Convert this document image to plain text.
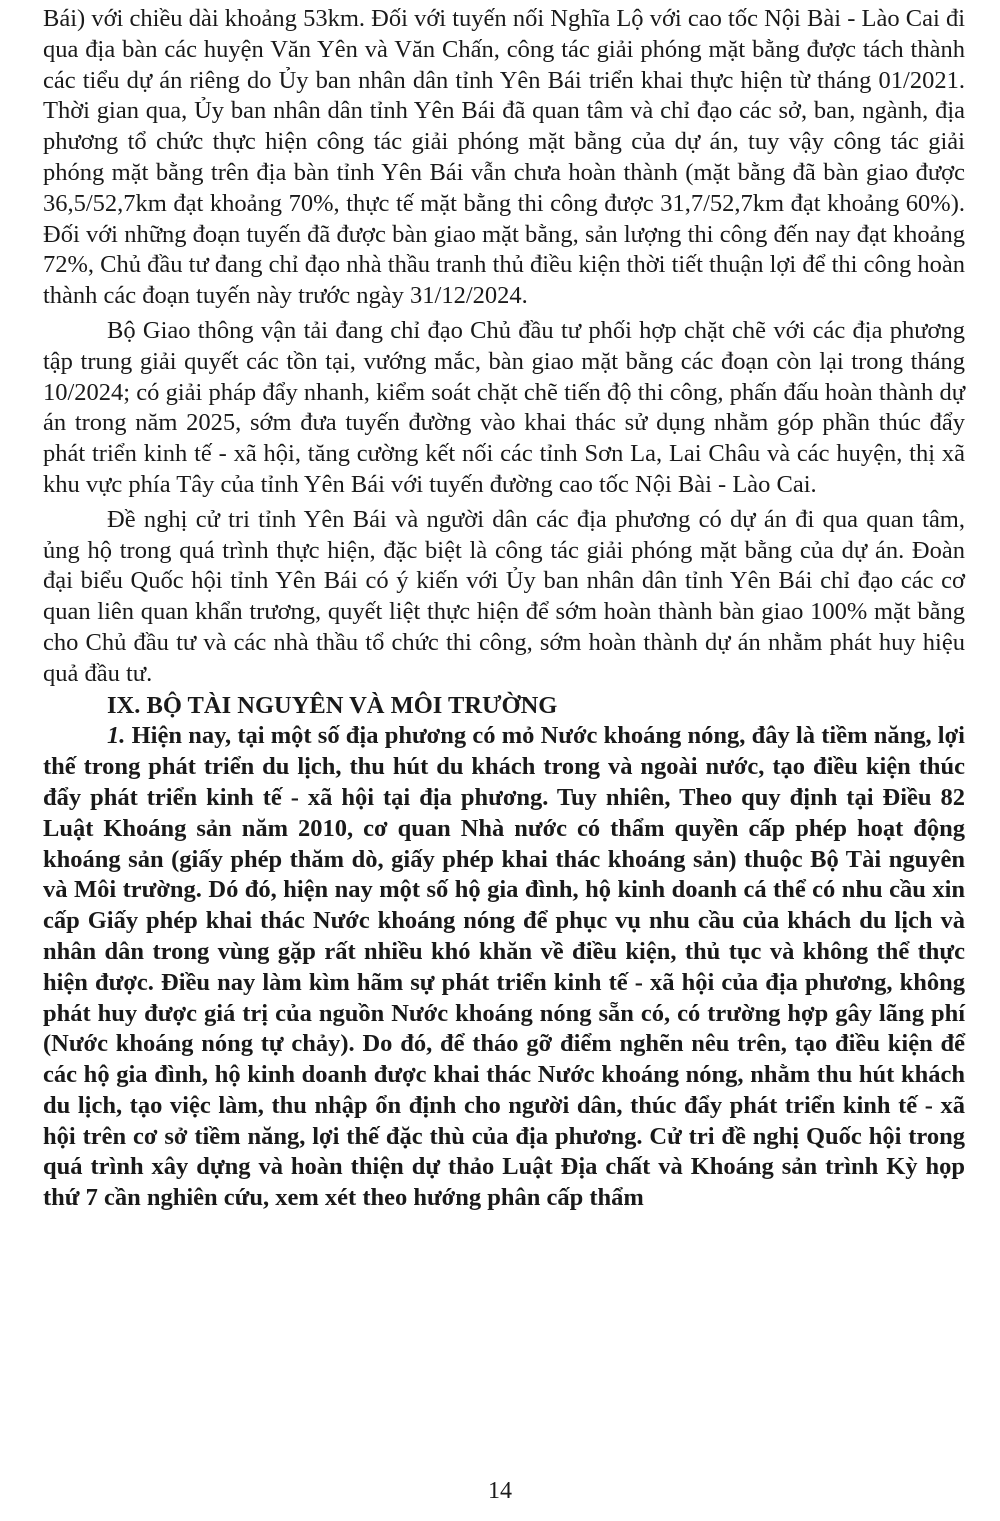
Bái) với chiều dài khoảng 53km. Đối với tuyến nối Nghĩa Lộ với cao tốc Nội Bài - Lào Cai đi qua địa bàn các huyện Văn Yên và Văn Chấn, công tác giải phóng mặt bằng được tách thành các tiểu dự án riêng do Ủy ban nhân dân tỉnh Yên Bái triển khai thực hiện từ tháng 01/2021. Thời gian qua, Ủy ban nhân dân tỉnh Yên Bái đã quan tâm và chỉ đạo các sở, ban, ngành, địa phương tổ chức thực hiện công tác giải phóng mặt bằng của dự án, tuy vậy công tác giải phóng mặt bằng trên địa bàn tỉnh Yên Bái vẫn chưa hoàn thành (mặt bằng đã bàn giao được 36,5/52,7km đạt khoảng 70%, thực tế mặt bằng thi công được 31,7/52,7km đạt khoảng 60%). Đối với những đoạn tuyến đã được bàn giao mặt bằng, sản lượng thi công đến nay đạt khoảng 72%, Chủ đầu tư đang chỉ đạo nhà thầu tranh thủ điều kiện thời tiết thuận lợi để thi công hoàn thành các đoạn tuyến này trước ngày 31/12/2024.

Bộ Giao thông vận tải đang chỉ đạo Chủ đầu tư phối hợp chặt chẽ với các địa phương tập trung giải quyết các tồn tại, vướng mắc, bàn giao mặt bằng các đoạn còn lại trong tháng 10/2024; có giải pháp đẩy nhanh, kiểm soát chặt chẽ tiến độ thi công, phấn đấu hoàn thành dự án trong năm 2025, sớm đưa tuyến đường vào khai thác sử dụng nhằm góp phần thúc đẩy phát triển kinh tế - xã hội, tăng cường kết nối các tỉnh Sơn La, Lai Châu và các huyện, thị xã khu vực phía Tây của tỉnh Yên Bái với tuyến đường cao tốc Nội Bài - Lào Cai.

Đề nghị cử tri tỉnh Yên Bái và người dân các địa phương có dự án đi qua quan tâm, ủng hộ trong quá trình thực hiện, đặc biệt là công tác giải phóng mặt bằng của dự án. Đoàn đại biểu Quốc hội tỉnh Yên Bái có ý kiến với Ủy ban nhân dân tỉnh Yên Bái chỉ đạo các cơ quan liên quan khẩn trương, quyết liệt thực hiện để sớm hoàn thành bàn giao 100% mặt bằng cho Chủ đầu tư và các nhà thầu tổ chức thi công, sớm hoàn thành dự án nhằm phát huy hiệu quả đầu tư.

IX. BỘ TÀI NGUYÊN VÀ MÔI TRƯỜNG

1. Hiện nay, tại một số địa phương có mỏ Nước khoáng nóng, đây là tiềm năng, lợi thế trong phát triển du lịch, thu hút du khách trong và ngoài nước, tạo điều kiện thúc đẩy phát triển kinh tế - xã hội tại địa phương. Tuy nhiên, Theo quy định tại Điều 82 Luật Khoáng sản năm 2010, cơ quan Nhà nước có thẩm quyền cấp phép hoạt động khoáng sản (giấy phép thăm dò, giấy phép khai thác khoáng sản) thuộc Bộ Tài nguyên và Môi trường. Dó đó, hiện nay một số hộ gia đình, hộ kinh doanh cá thể có nhu cầu xin cấp Giấy phép khai thác Nước khoáng nóng để phục vụ nhu cầu của khách du lịch và nhân dân trong vùng gặp rất nhiều khó khăn về điều kiện, thủ tục và không thể thực hiện được. Điều nay làm kìm hãm sự phát triển kinh tế - xã hội của địa phương, không phát huy được giá trị của nguồn Nước khoáng nóng sẵn có, có trường hợp gây lãng phí (Nước khoáng nóng tự chảy). Do đó, để tháo gỡ điểm nghẽn nêu trên, tạo điều kiện để các hộ gia đình, hộ kinh doanh được khai thác Nước khoáng nóng, nhằm thu hút khách du lịch, tạo việc làm, thu nhập ổn định cho người dân, thúc đẩy phát triển kinh tế - xã hội trên cơ sở tiềm năng, lợi thế đặc thù của địa phương. Cử tri đề nghị Quốc hội trong quá trình xây dựng và hoàn thiện dự thảo Luật Địa chất và Khoáng sản trình Kỳ họp thứ 7 cần nghiên cứu, xem xét theo hướng phân cấp thẩm

14
